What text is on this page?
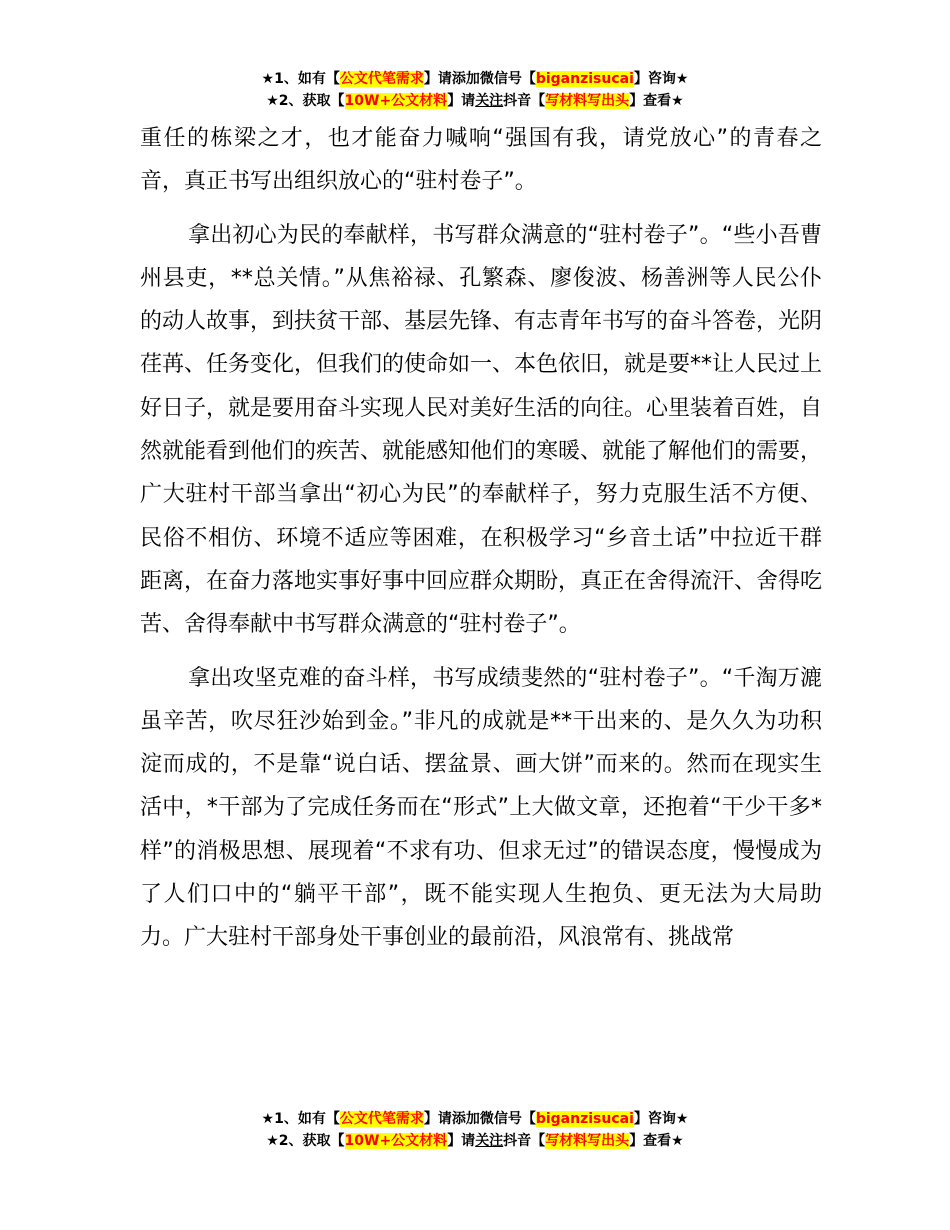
★1、如有【公文代笔需求】请添加微信号【biganzisucai】咨询★
★2、获取【10W+公文材料】请关注抖音【写材料写出头】查看★

重任的栋梁之才，也才能奋力喊响“强国有我，请党放心”的青春之音，真正书写出组织放心的“驻村卷子”。

拿出初心为民的奉献样，书写群众满意的“驻村卷子”。“些小吾曹州县吏，**总关情。”从焦裕禄、孔繁森、廖俊波、杨善洲等人民公仆的动人故事，到扶贫干部、基层先锋、有志青年书写的奋斗答卷，光阴荏苒、任务变化，但我们的使命如一、本色依旧，就是要**让人民过上好日子，就是要用奋斗实现人民对美好生活的向往。心里装着百姓，自然就能看到他们的疾苦、就能感知他们的寒暖、就能了解他们的需要，广大驻村干部当拿出“初心为民”的奉献样子，努力克服生活不方便、民俗不相仿、环境不适应等困难，在积极学习“乡音土话”中拉近干群距离，在奋力落地实事好事中回应群众期盼，真正在舍得流汗、舍得吃苦、舍得奉献中书写群众满意的“驻村卷子”。

拿出攻坚克难的奋斗样，书写成绩斐然的“驻村卷子”。“千淘万漉虽辛苦，吹尽狂沙始到金。”非凡的成就是**干出来的、是久久为功积淀而成的，不是靠“说白话、摆盆景、画大饼”而来的。然而在现实生活中，*干部为了完成任务而在“形式”上大做文章，还抱着“干少干多*样”的消极思想、展现着“不求有功、但求无过”的错误态度，慢慢成为了人们口中的“躺平干部”，既不能实现人生抱负、更无法为大局助力。广大驻村干部身处干事创业的最前沿，风浪常有、挑战常

★1、如有【公文代笔需求】请添加微信号【biganzisucai】咨询★
★2、获取【10W+公文材料】请关注抖音【写材料写出头】查看★
